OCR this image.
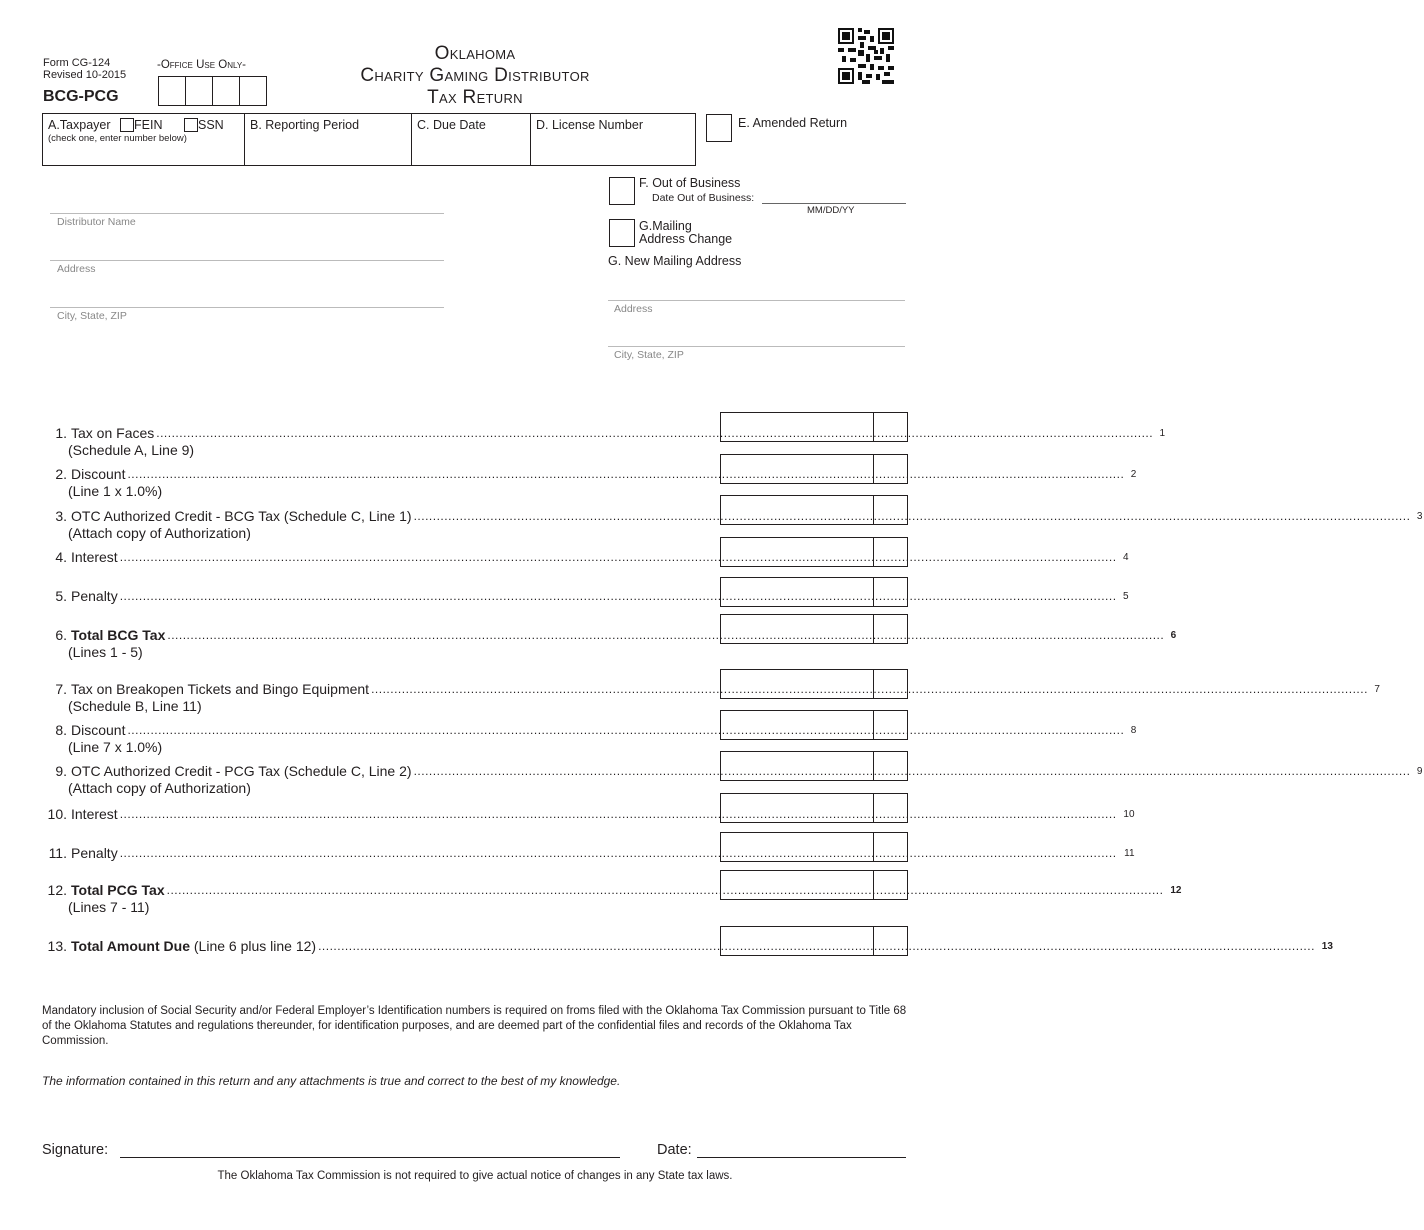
Form CG-124
Revised 10-2015
BCG-PCG
-Office Use Only-
Oklahoma
Charity Gaming Distributor
Tax Return
A.Taxpayer FEIN	SSN
(check one, enter number below)
B. Reporting Period	C. Due Date	D. License Number	E. Amended Return
F. Out of Business
Date Out of Business:
MM/DD/YY
G.Mailing
Address Change
G. New Mailing Address
Address
City, State, ZIP
Distributor Name
Address
City, State, ZIP
1. Tax on Faces .................................................................................................................................................................................................................................................................... 1
(Schedule A, Line 9)
2. Discount .................................................................................................................................................................................................................................................................... 2
(Line 1 x 1.0%)
3. OTC Authorized Credit - BCG Tax (Schedule C, Line 1) .................................................................................................................................................................................................................................................................... 3
(Attach copy of Authorization)
4. Interest .................................................................................................................................................................................................................................................................... 4
5. Penalty .................................................................................................................................................................................................................................................................... 5
6. Total BCG Tax .................................................................................................................................................................................................................................................................... 6
(Lines 1 - 5)
7. Tax on Breakopen Tickets and Bingo Equipment .................................................................................................................................................................................................................................................................... 7
(Schedule B, Line 11)
8. Discount .................................................................................................................................................................................................................................................................... 8
(Line 7 x 1.0%)
9. OTC Authorized Credit - PCG Tax (Schedule C, Line 2) .................................................................................................................................................................................................................................................................... 9
(Attach copy of Authorization)
10. Interest .................................................................................................................................................................................................................................................................... 10
11. Penalty .................................................................................................................................................................................................................................................................... 11
12. Total PCG Tax .................................................................................................................................................................................................................................................................... 12
(Lines 7 - 11)
13. Total Amount Due (Line 6 plus line 12) .................................................................................................................................................................................................................................................................... 13
Mandatory inclusion of Social Security and/or Federal Employer’s Identification numbers is required on froms filed with the Oklahoma Tax Commission pursuant to Title 68 of the Oklahoma Statutes and regulations thereunder, for identification purposes, and are deemed part of the confidential files and records of the Oklahoma Tax Commission.
The information contained in this return and any attachments is true and correct to the best of my knowledge.
Signature:	Date:
The Oklahoma Tax Commission is not required to give actual notice of changes in any State tax laws.
